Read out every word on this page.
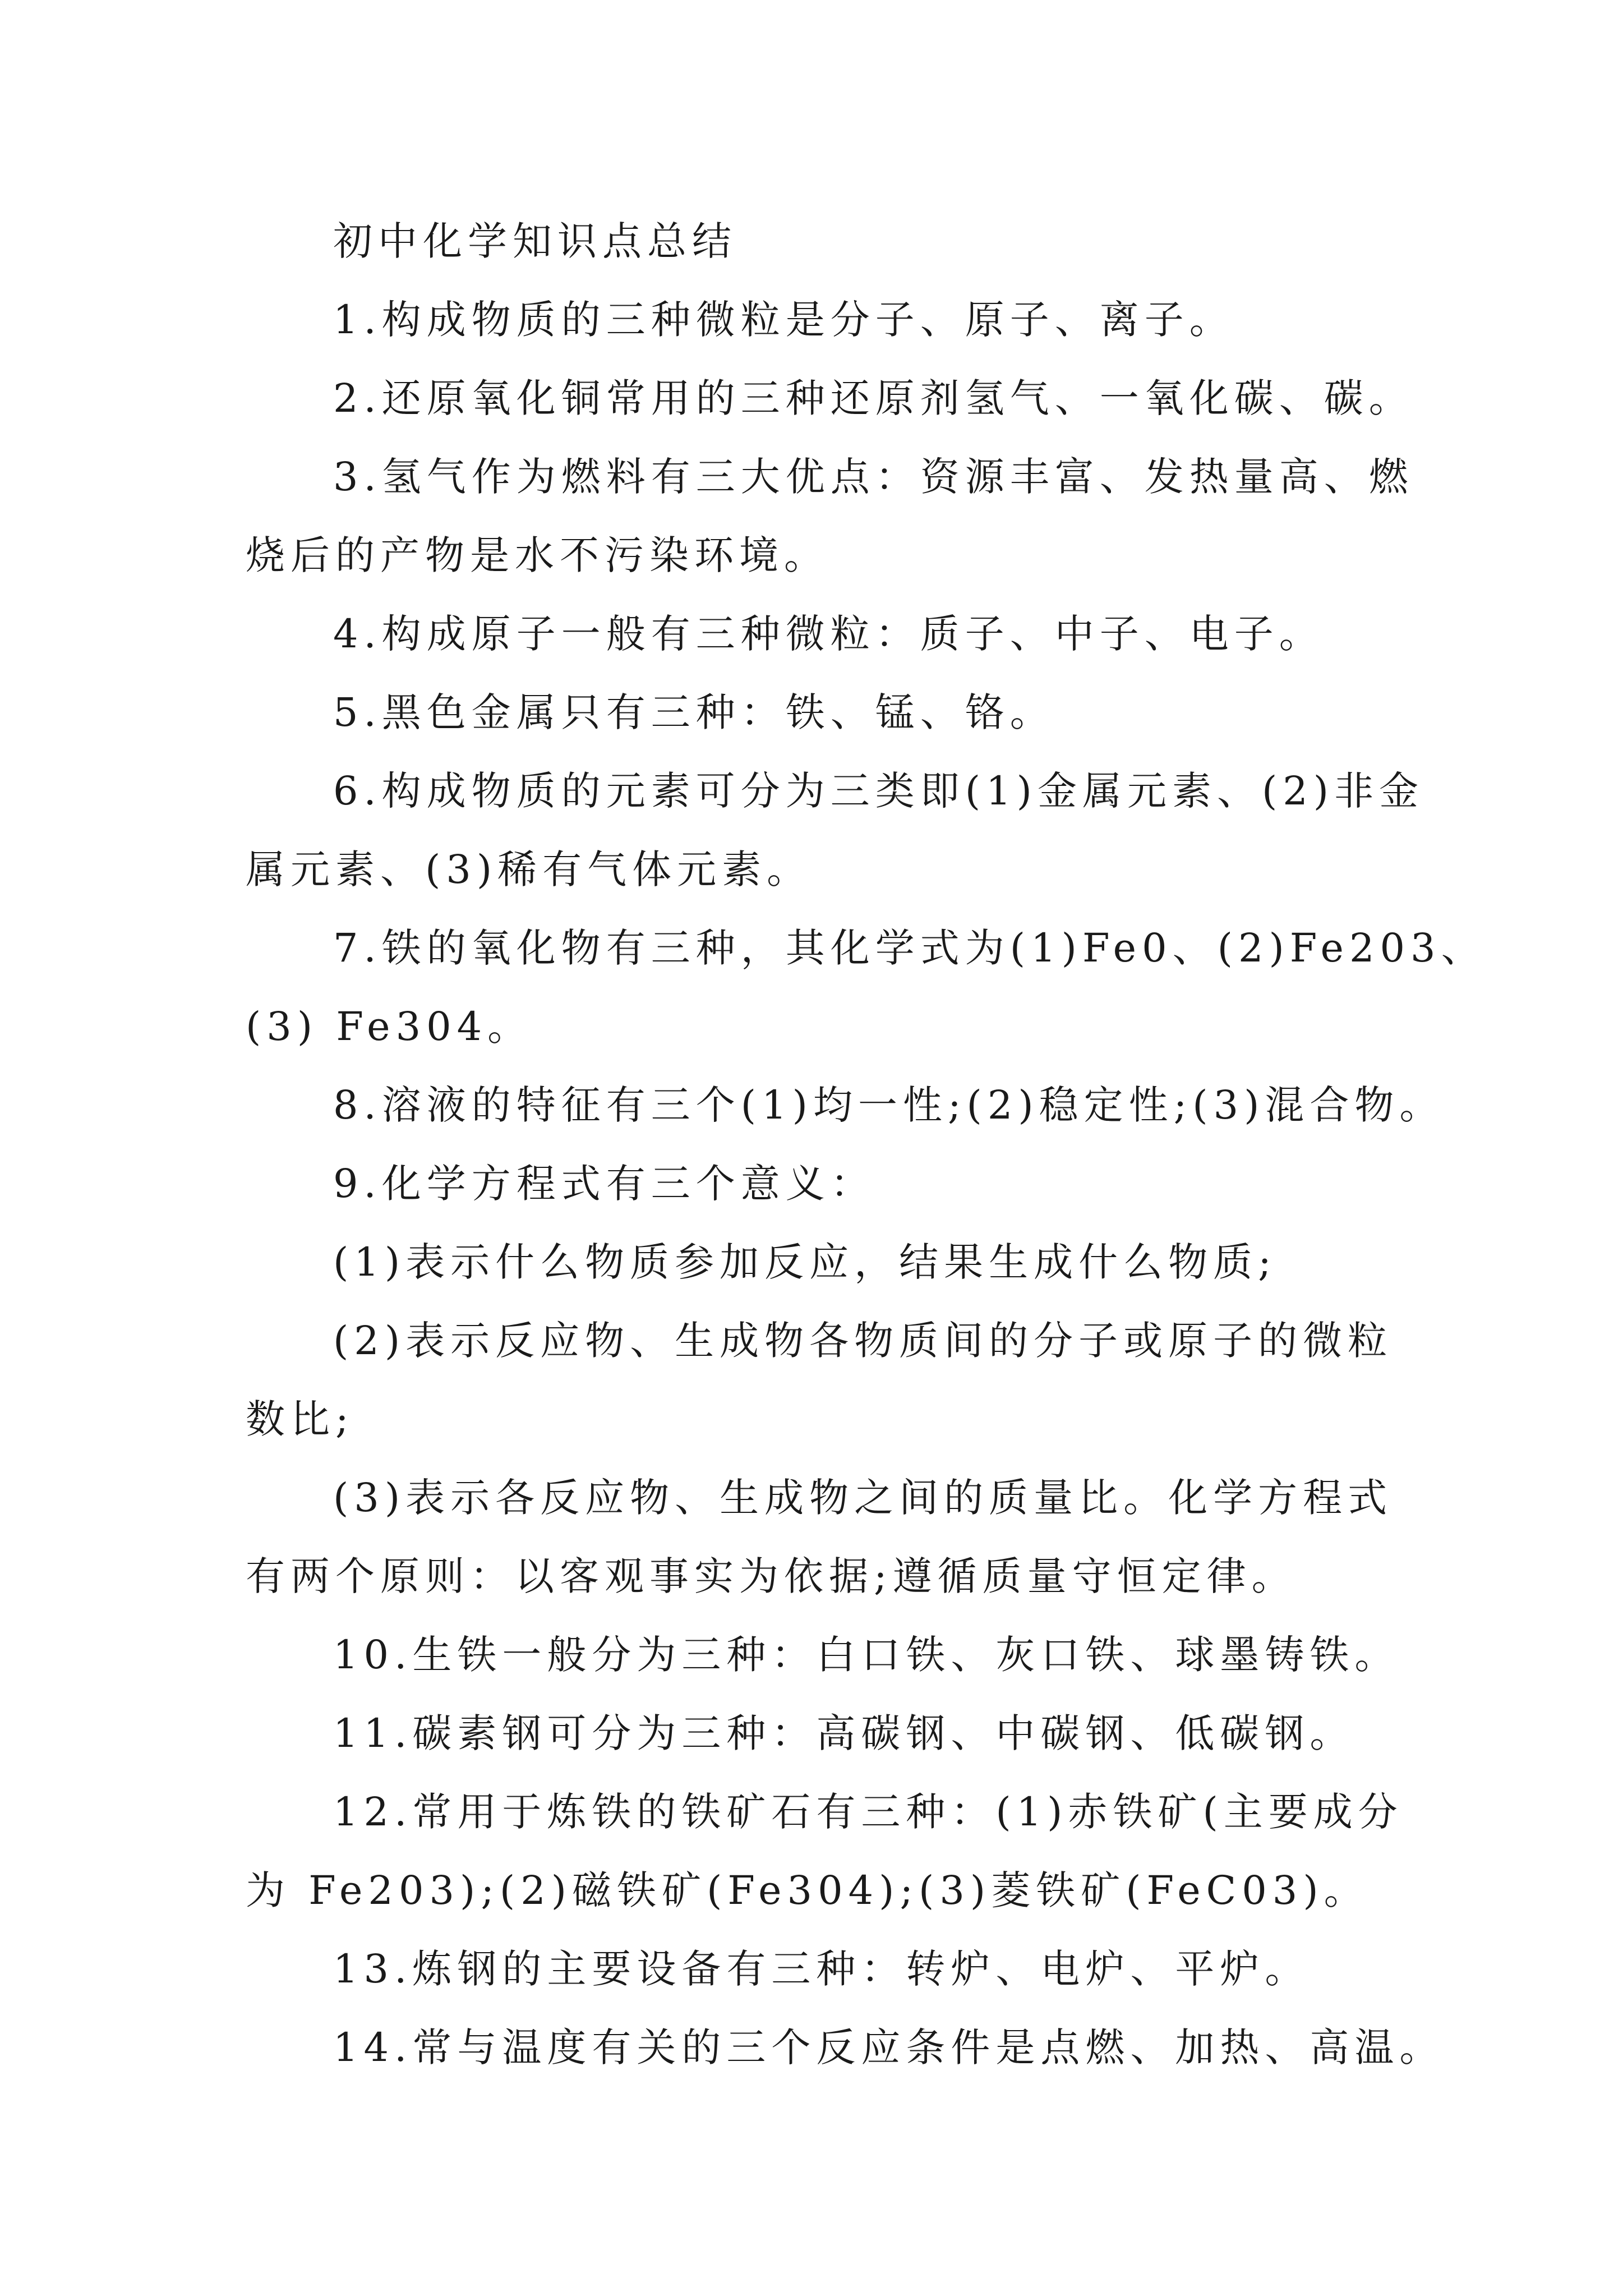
初中化学知识点总结
1.构成物质的三种微粒是分子、原子、离子。
2.还原氧化铜常用的三种还原剂氢气、一氧化碳、碳。
3.氢气作为燃料有三大优点：资源丰富、发热量高、燃
烧后的产物是水不污染环境。
4.构成原子一般有三种微粒：质子、中子、电子。
5.黑色金属只有三种：铁、锰、铬。
6.构成物质的元素可分为三类即(1)金属元素、(2)非金
属元素、(3)稀有气体元素。
7.铁的氧化物有三种，其化学式为(1)Fe0、(2)Fe203、
(3) Fe304。
8.溶液的特征有三个(1)均一性;(2)稳定性;(3)混合物。
9.化学方程式有三个意义：
(1)表示什么物质参加反应，结果生成什么物质;
(2)表示反应物、生成物各物质间的分子或原子的微粒
数比;
(3)表示各反应物、生成物之间的质量比。化学方程式
有两个原则：以客观事实为依据;遵循质量守恒定律。
10.生铁一般分为三种：白口铁、灰口铁、球墨铸铁。
11.碳素钢可分为三种：高碳钢、中碳钢、低碳钢。
12.常用于炼铁的铁矿石有三种：(1)赤铁矿(主要成分
为 Fe203);(2)磁铁矿(Fe304);(3)菱铁矿(FeC03)。
13.炼钢的主要设备有三种：转炉、电炉、平炉。
14.常与温度有关的三个反应条件是点燃、加热、高温。
